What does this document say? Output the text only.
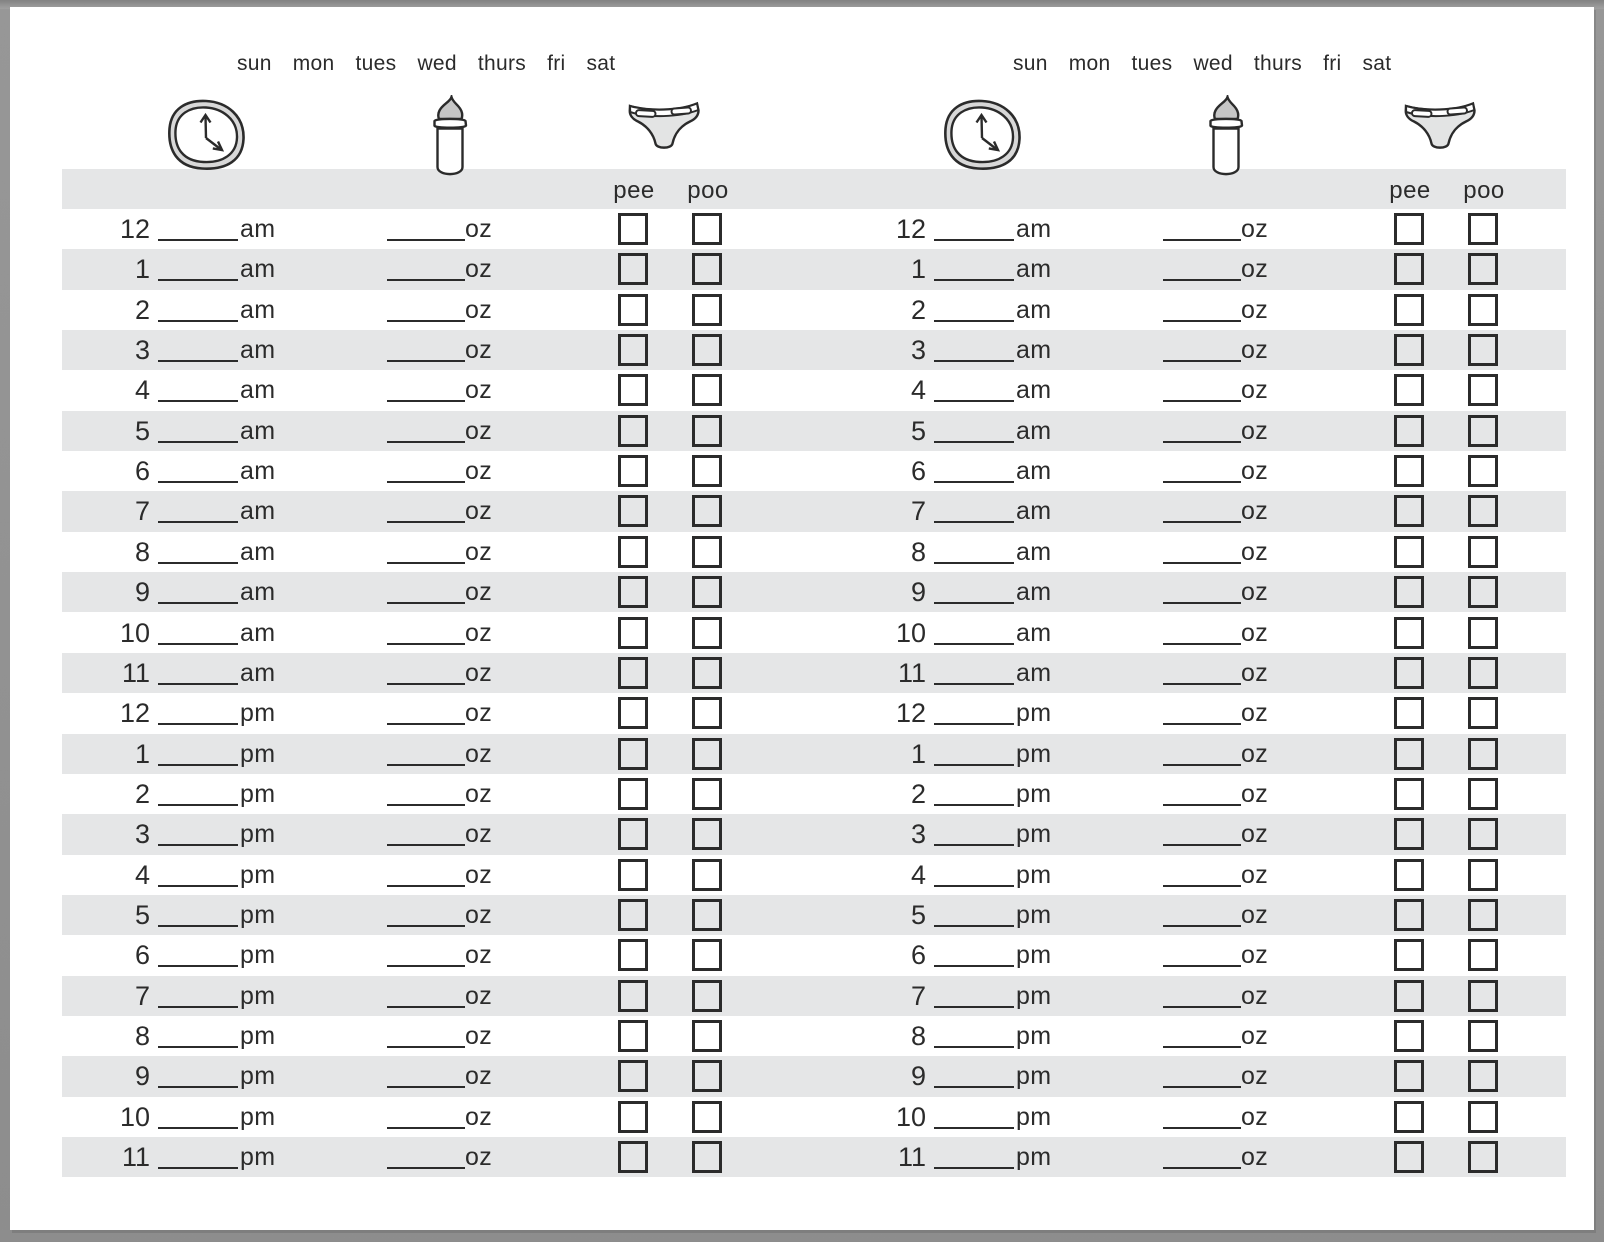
sun mon tues wed thurs fri sat	sun mon tues wed thurs fri sat
pee	poo	pee	poo
12	am	oz	12	am	oz
1	am	oz	1	am	oz
2	am	oz	2	am	oz
3	am	oz	3	am	oz
4	am	oz	4	am	oz
5	am	oz	5	am	oz
6	am	oz	6	am	oz
7	am	oz	7	am	oz
8	am	oz	8	am	oz
9	am	oz	9	am	oz
10	am	oz	10	am	oz
11	am	oz	11	am	oz
12	pm	oz	12	pm	oz
1	pm	oz	1	pm	oz
2	pm	oz	2	pm	oz
3	pm	oz	3	pm	oz
4	pm	oz	4	pm	oz
5	pm	oz	5	pm	oz
6	pm	oz	6	pm	oz
7	pm	oz	7	pm	oz
8	pm	oz	8	pm	oz
9	pm	oz	9	pm	oz
10	pm	oz	10	pm	oz
11	pm	oz	11	pm	oz
